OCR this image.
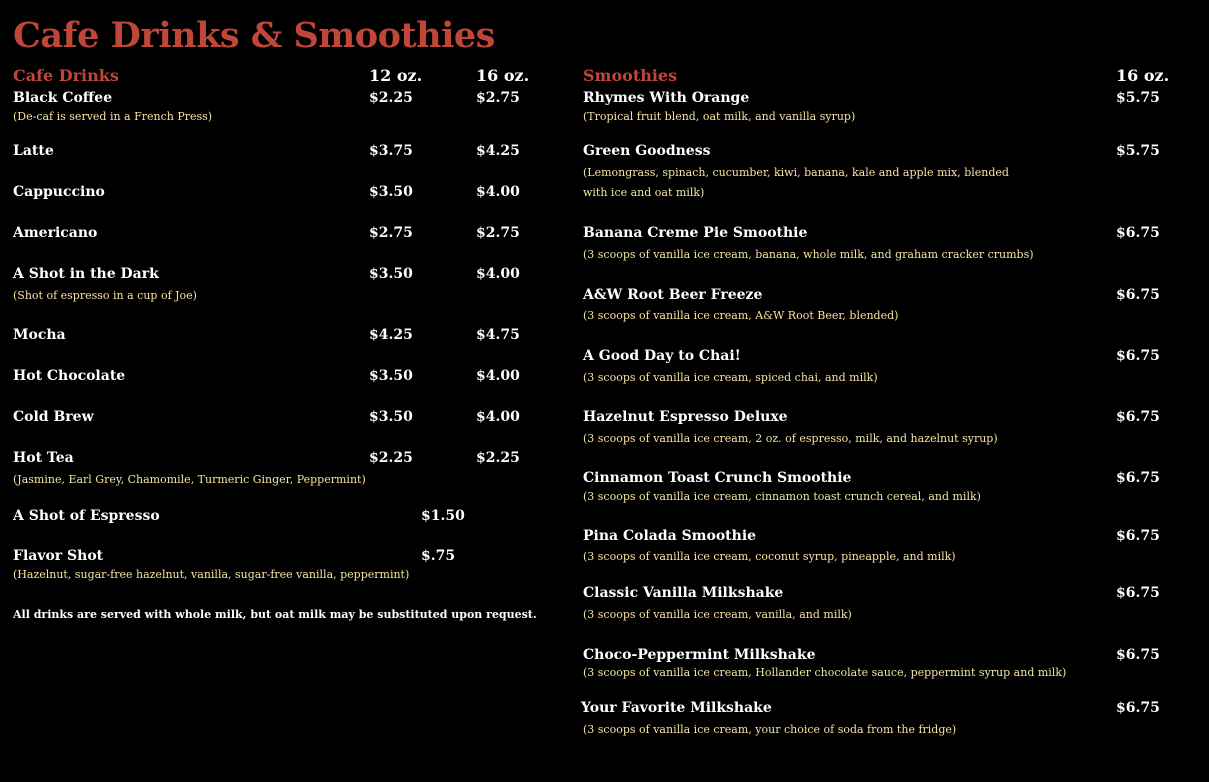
Cafe Drinks & Smoothies
Cafe Drinks	12 oz.	16 oz.	Smoothies	16 oz.
Black Coffee	$2.25	$2.75
(De-caf is served in a French Press)
Latte	$3.75	$4.25
Cappuccino	$3.50	$4.00
Americano	$2.75	$2.75
A Shot in the Dark	$3.50	$4.00
(Shot of espresso in a cup of Joe)
Mocha	$4.25	$4.75
Hot Chocolate	$3.50	$4.00
Cold Brew	$3.50	$4.00
Hot Tea	$2.25	$2.25
(Jasmine, Earl Grey, Chamomile, Turmeric Ginger, Peppermint)
A Shot of Espresso	$1.50
Flavor Shot	$.75
(Hazelnut, sugar-free hazelnut, vanilla, sugar-free vanilla, peppermint)
All drinks are served with whole milk, but oat milk may be substituted upon request.
Rhymes With Orange	$5.75
(Tropical fruit blend, oat milk, and vanilla syrup)
Green Goodness	$5.75
(Lemongrass, spinach, cucumber, kiwi, banana, kale and apple mix, blended with ice and oat milk)
Banana Creme Pie Smoothie	$6.75
(3 scoops of vanilla ice cream, banana, whole milk, and graham cracker crumbs)
A&W Root Beer Freeze	$6.75
(3 scoops of vanilla ice cream, A&W Root Beer, blended)
A Good Day to Chai!	$6.75
(3 scoops of vanilla ice cream, spiced chai, and milk)
Hazelnut Espresso Deluxe	$6.75
(3 scoops of vanilla ice cream, 2 oz. of espresso, milk, and hazelnut syrup)
Cinnamon Toast Crunch Smoothie	$6.75
(3 scoops of vanilla ice cream, cinnamon toast crunch cereal, and milk)
Pina Colada Smoothie	$6.75
(3 scoops of vanilla ice cream, coconut syrup, pineapple, and milk)
Classic Vanilla Milkshake	$6.75
(3 scoops of vanilla ice cream, vanilla, and milk)
Choco-Peppermint Milkshake	$6.75
(3 scoops of vanilla ice cream, Hollander chocolate sauce, peppermint syrup and milk)
Your Favorite Milkshake	$6.75
(3 scoops of vanilla ice cream, your choice of soda from the fridge)
